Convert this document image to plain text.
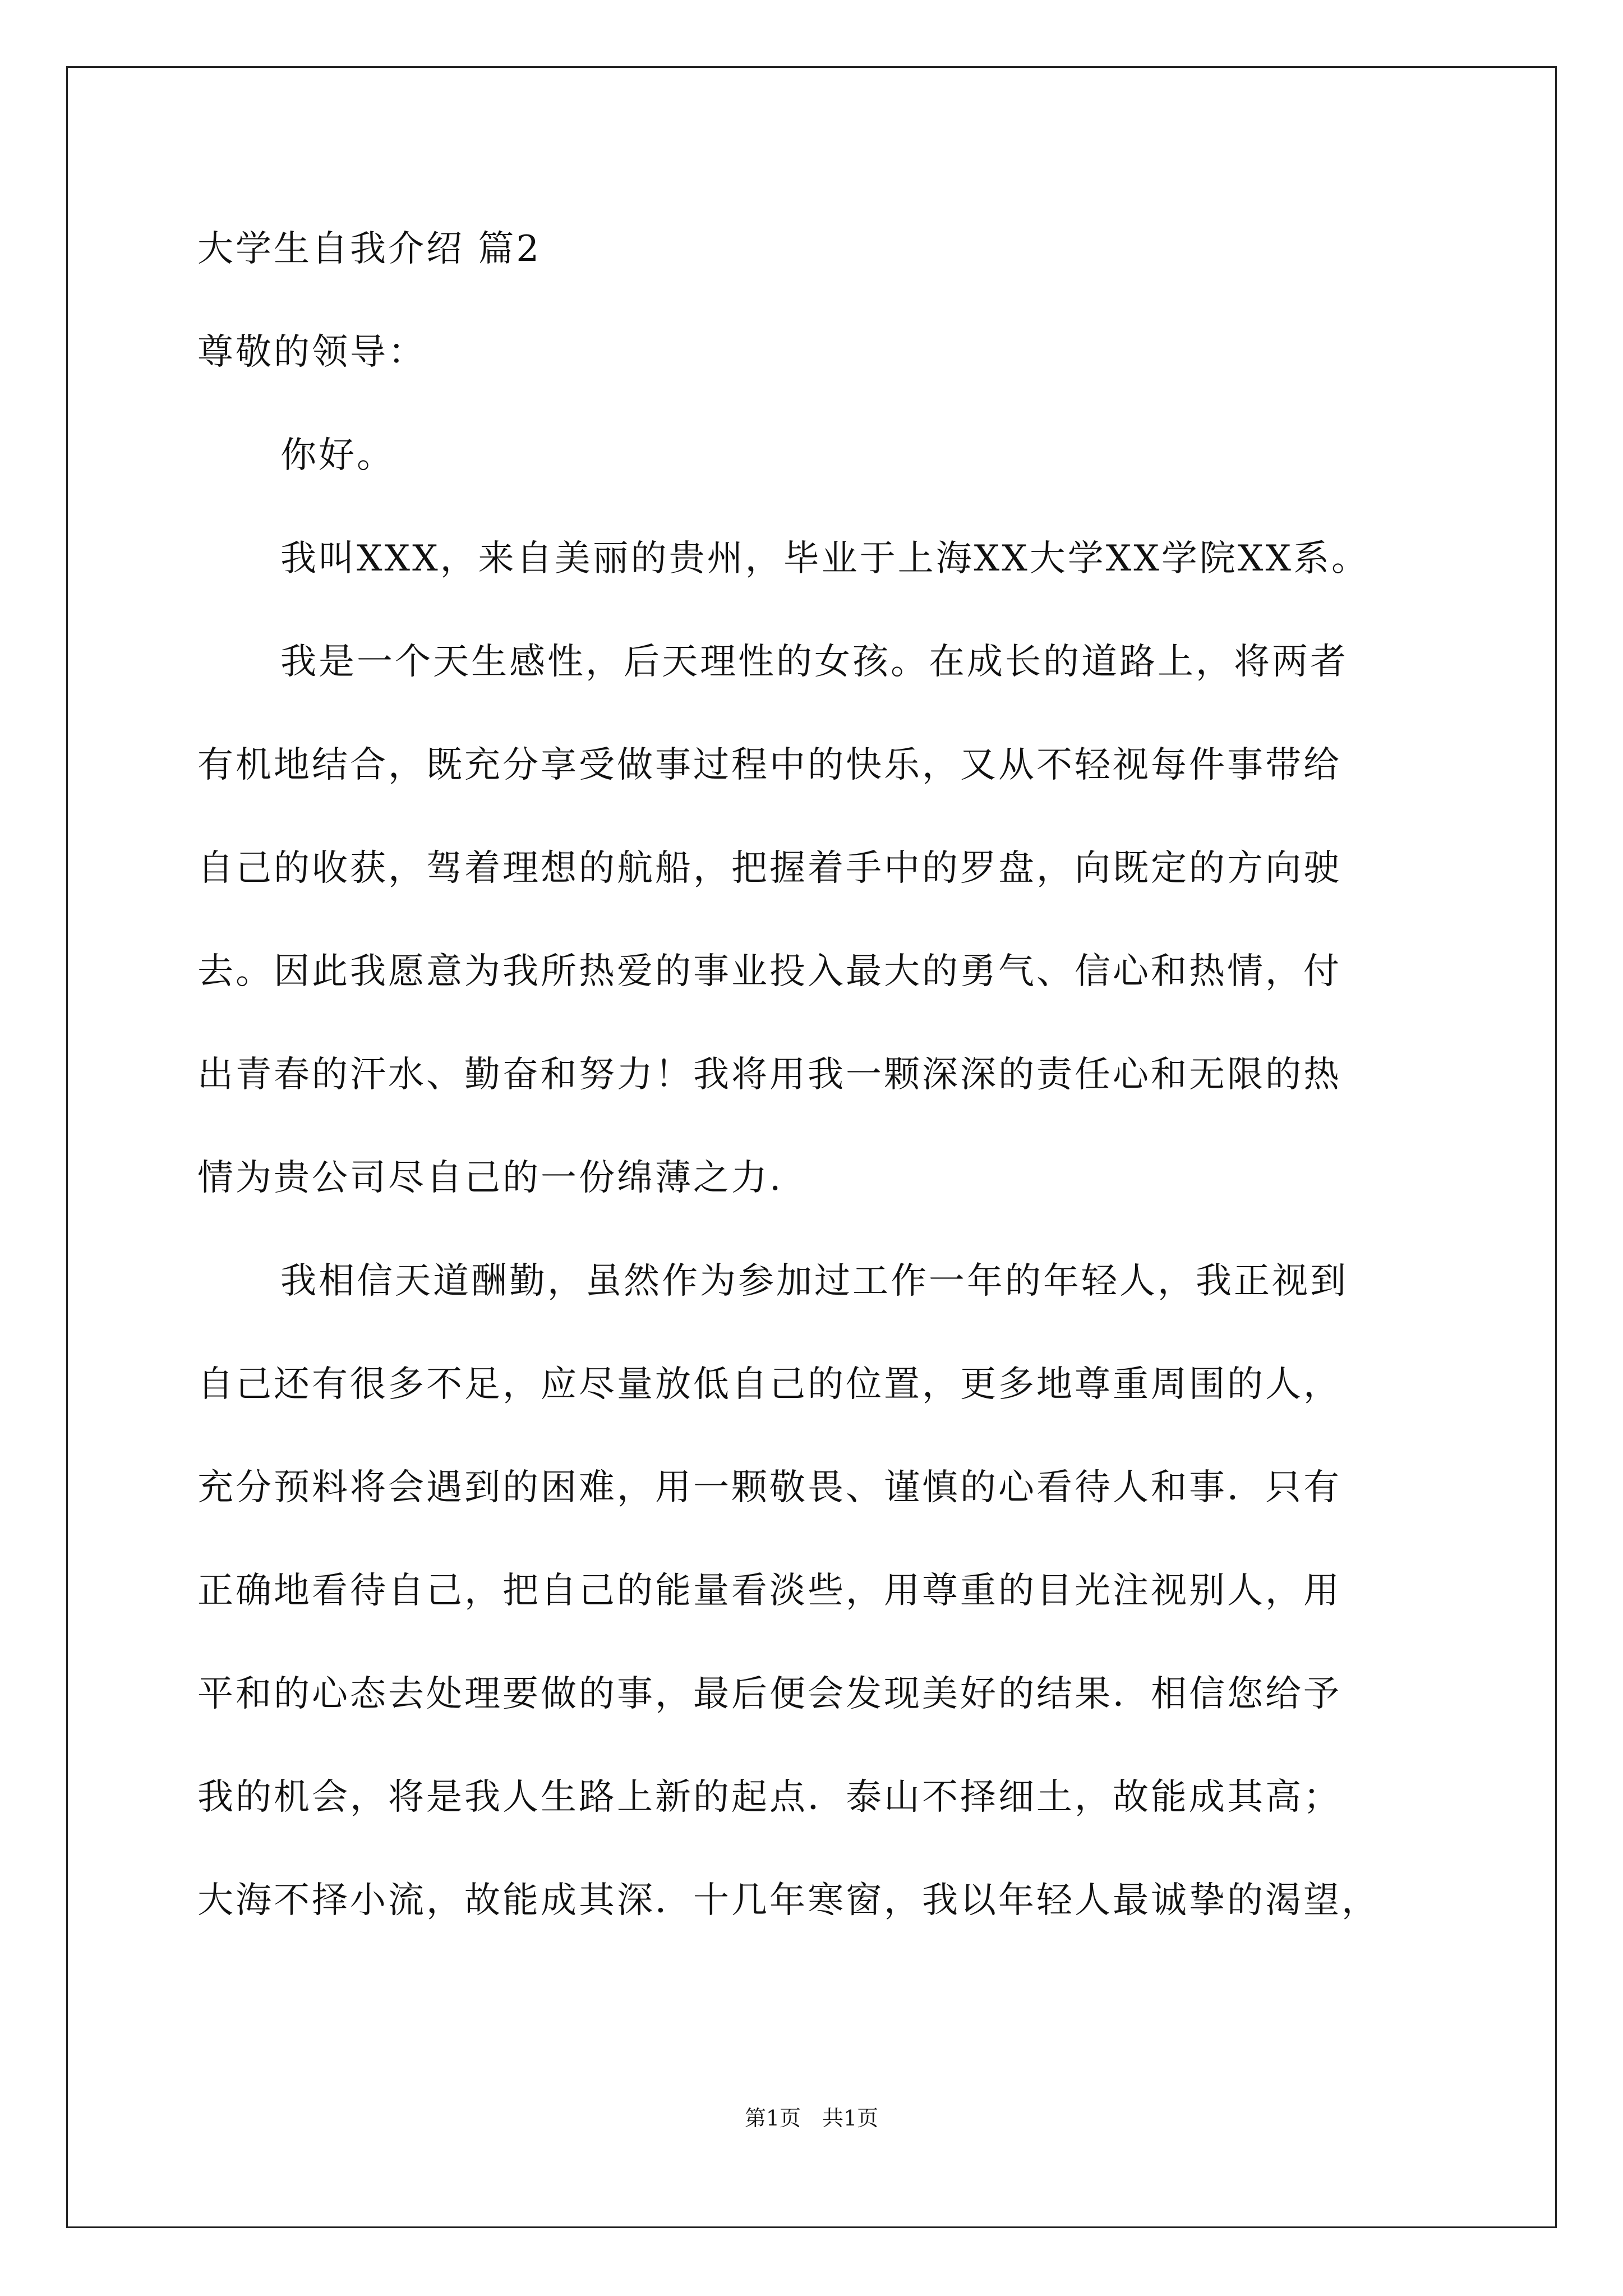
大学生自我介绍 篇2
尊敬的领导：
你好。
我叫XXX，来自美丽的贵州，毕业于上海XX大学XX学院XX系。
我是一个天生感性，后天理性的女孩。在成长的道路上，将两者
有机地结合，既充分享受做事过程中的快乐，又从不轻视每件事带给
自己的收获，驾着理想的航船，把握着手中的罗盘，向既定的方向驶
去。因此我愿意为我所热爱的事业投入最大的勇气、信心和热情，付
出青春的汗水、勤奋和努力！我将用我一颗深深的责任心和无限的热
情为贵公司尽自己的一份绵薄之力.
我相信天道酬勤，虽然作为参加过工作一年的年轻人，我正视到
自己还有很多不足，应尽量放低自己的位置，更多地尊重周围的人，
充分预料将会遇到的困难，用一颗敬畏、谨慎的心看待人和事．只有
正确地看待自己，把自己的能量看淡些，用尊重的目光注视别人，用
平和的心态去处理要做的事，最后便会发现美好的结果．相信您给予
我的机会，将是我人生路上新的起点．泰山不择细土，故能成其高；
大海不择小流，故能成其深．十几年寒窗，我以年轻人最诚挚的渴望，
第1页　共1页
